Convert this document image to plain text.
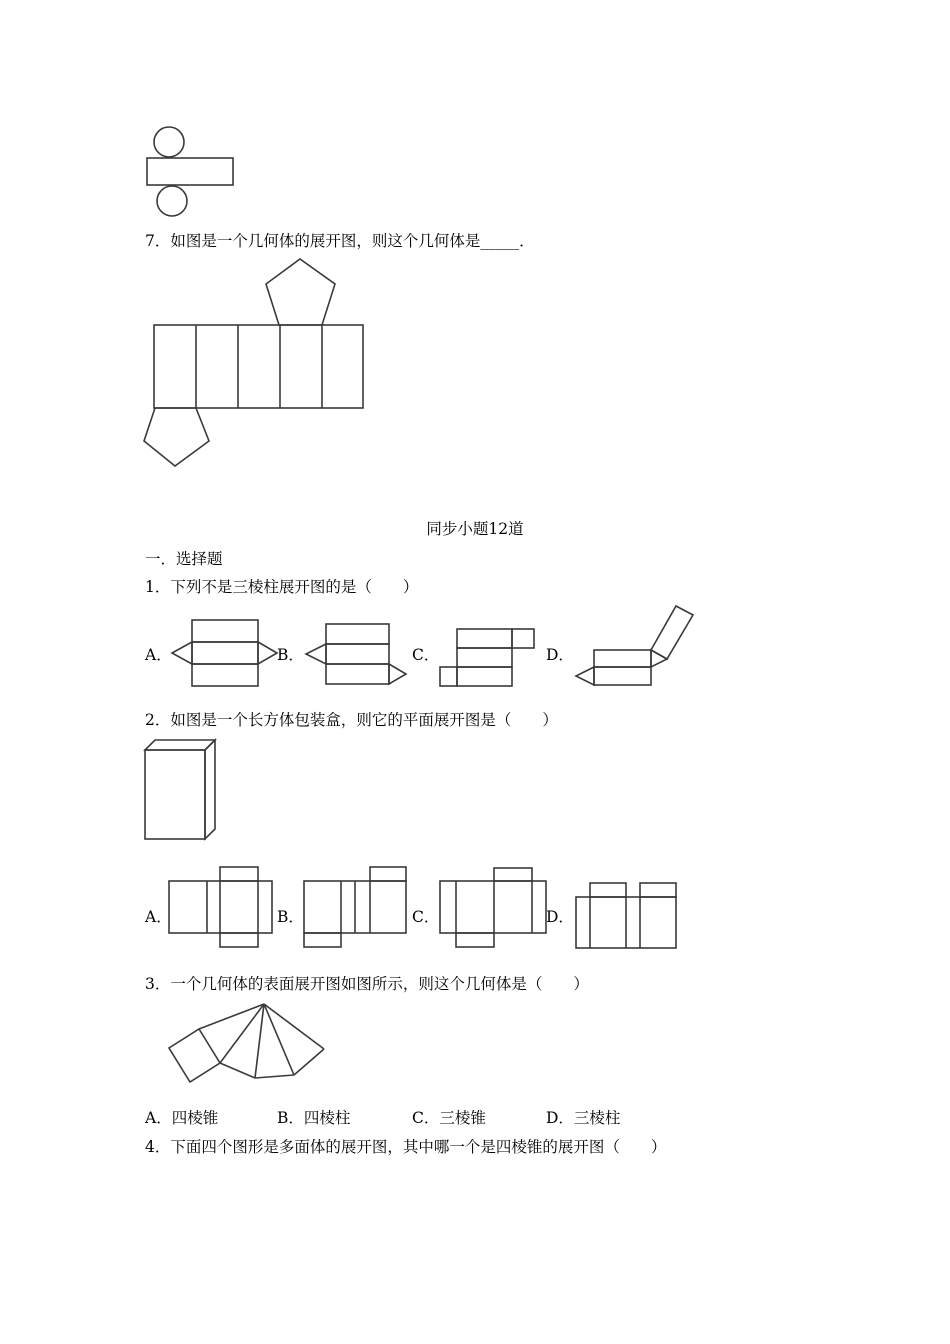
7．如图是一个几何体的展开图，则这个几何体是_____．
同步小题12道
一．选择题
1．下列不是三棱柱展开图的是（　　）
A．	B．	C．	D．
2．如图是一个长方体包装盒，则它的平面展开图是（　　）
A．	B．	C．	D．
3．一个几何体的表面展开图如图所示，则这个几何体是（　　）
A．四棱锥	B．四棱柱	C．三棱锥	D．三棱柱
4．下面四个图形是多面体的展开图，其中哪一个是四棱锥的展开图（　　）
